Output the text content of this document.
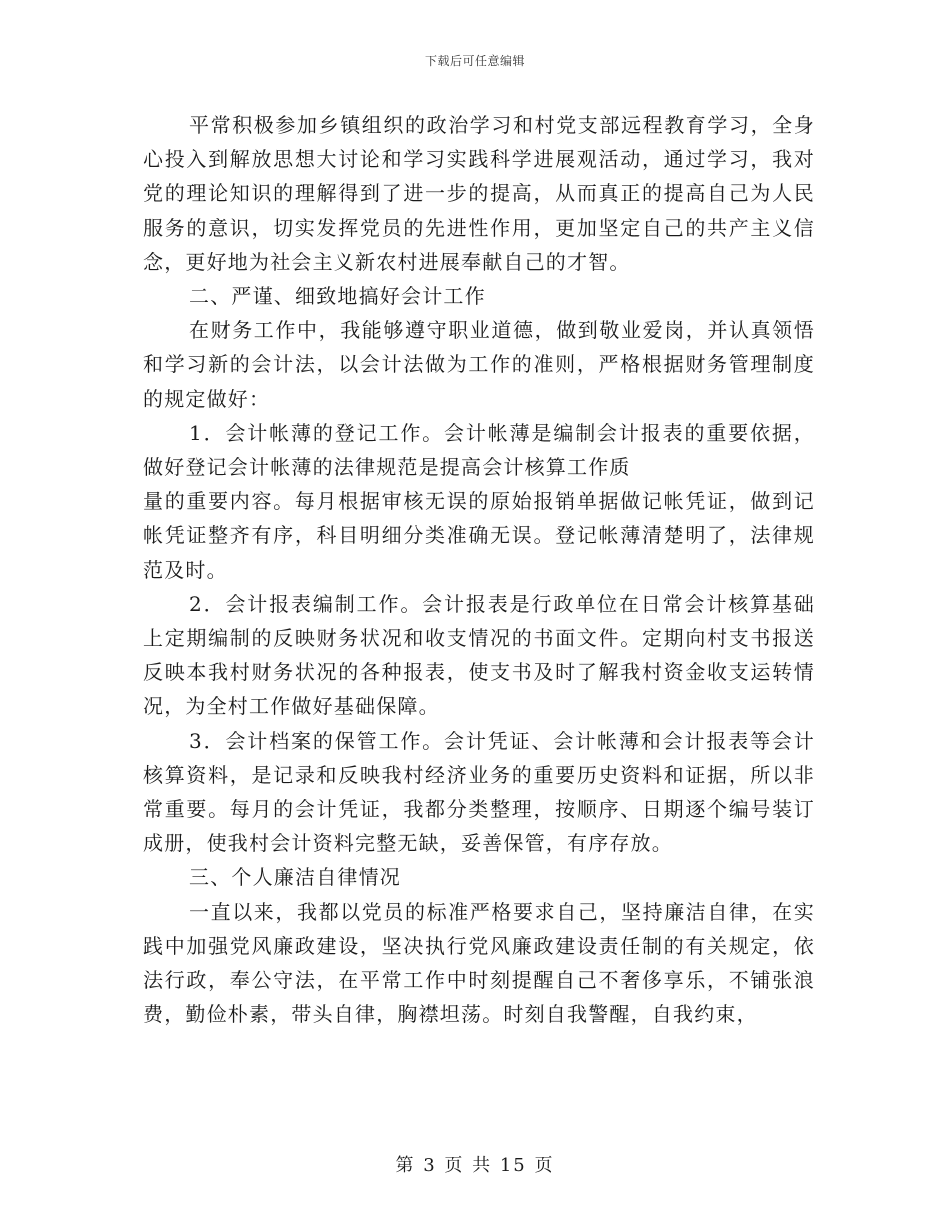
下载后可任意编辑

平常积极参加乡镇组织的政治学习和村党支部远程教育学习，全身心投入到解放思想大讨论和学习实践科学进展观活动，通过学习，我对党的理论知识的理解得到了进一步的提高，从而真正的提高自己为人民服务的意识，切实发挥党员的先进性作用，更加坚定自己的共产主义信念，更好地为社会主义新农村进展奉献自己的才智。

二、严谨、细致地搞好会计工作

在财务工作中，我能够遵守职业道德，做到敬业爱岗，并认真领悟和学习新的会计法，以会计法做为工作的准则，严格根据财务管理制度的规定做好：

1．会计帐薄的登记工作。会计帐薄是编制会计报表的重要依据，做好登记会计帐薄的法律规范是提高会计核算工作质

量的重要内容。每月根据审核无误的原始报销单据做记帐凭证，做到记帐凭证整齐有序，科目明细分类准确无误。登记帐薄清楚明了，法律规范及时。

2．会计报表编制工作。会计报表是行政单位在日常会计核算基础上定期编制的反映财务状况和收支情况的书面文件。定期向村支书报送反映本我村财务状况的各种报表，使支书及时了解我村资金收支运转情况，为全村工作做好基础保障。

3．会计档案的保管工作。会计凭证、会计帐薄和会计报表等会计核算资料，是记录和反映我村经济业务的重要历史资料和证据，所以非常重要。每月的会计凭证，我都分类整理，按顺序、日期逐个编号装订成册，使我村会计资料完整无缺，妥善保管，有序存放。

三、个人廉洁自律情况

一直以来，我都以党员的标准严格要求自己，坚持廉洁自律，在实践中加强党风廉政建设，坚决执行党风廉政建设责任制的有关规定，依法行政，奉公守法，在平常工作中时刻提醒自己不奢侈享乐，不铺张浪费，勤俭朴素，带头自律，胸襟坦荡。时刻自我警醒，自我约束，

第 3 页 共 15 页
